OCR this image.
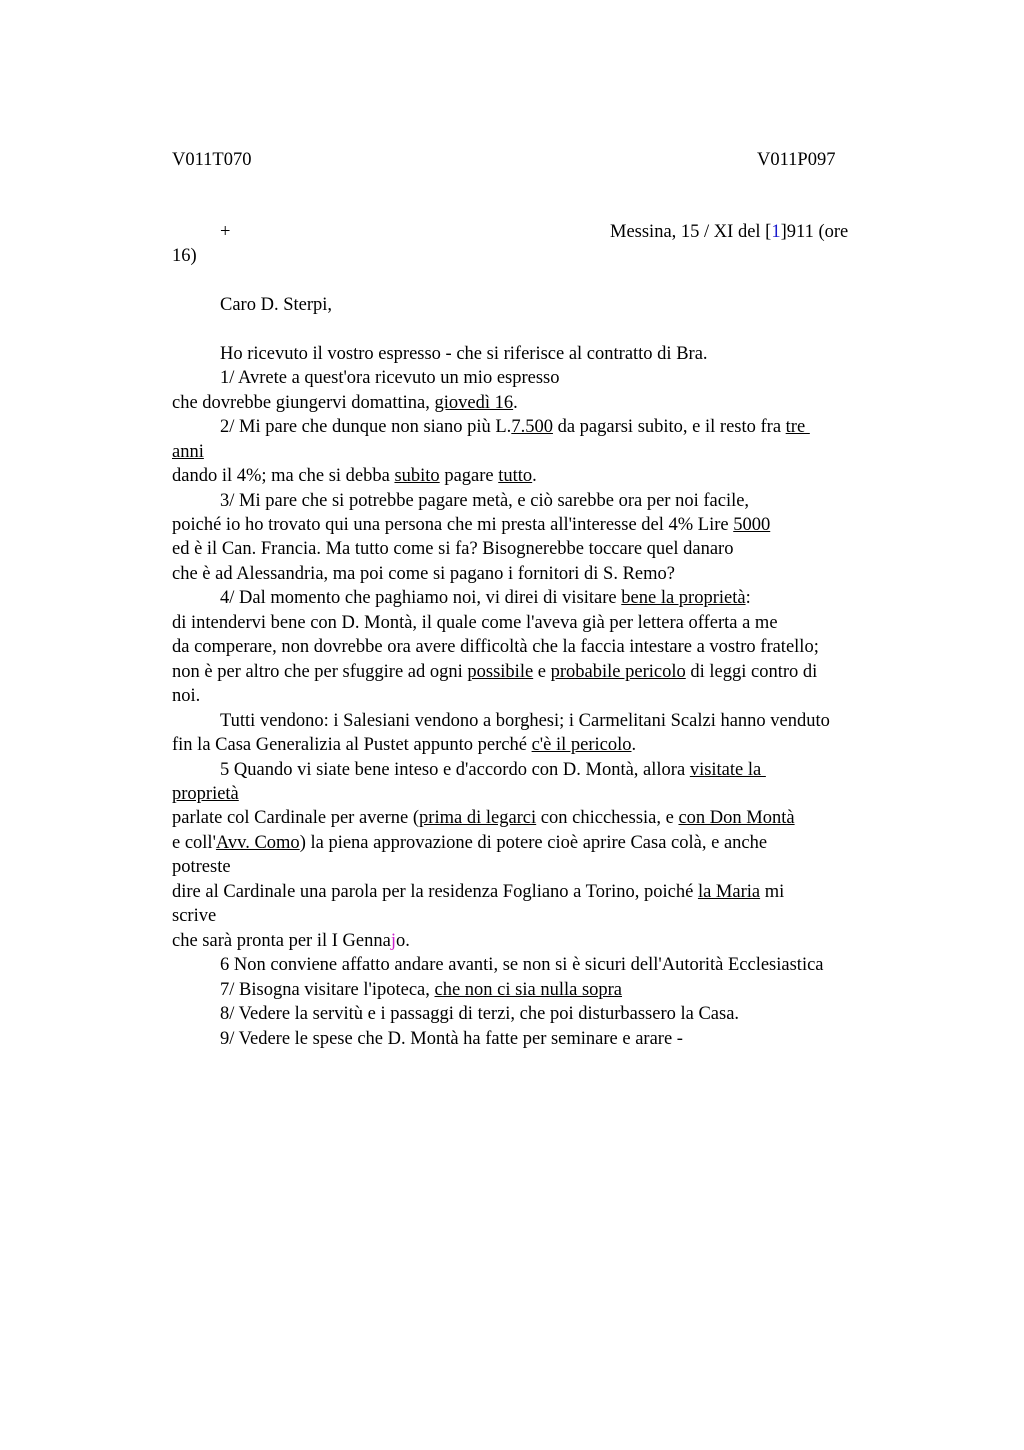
V011T070	V011P097
+	Messina, 15 / XI del [1]911 (ore
16)
Caro D. Sterpi,
Ho ricevuto il vostro espresso - che si riferisce al contratto di Bra.
1/ Avrete a quest'ora ricevuto un mio espresso
che dovrebbe giungervi domattina, giovedì 16.
2/ Mi pare che dunque non siano più L.7.500 da pagarsi subito, e il resto fra tre
anni
dando il 4%; ma che si debba subito pagare tutto.
3/ Mi pare che si potrebbe pagare metà, e ciò sarebbe ora per noi facile,
poiché io ho trovato qui una persona che mi presta all'interesse del 4% Lire 5000
ed è il Can. Francia. Ma tutto come si fa? Bisognerebbe toccare quel danaro
che è ad Alessandria, ma poi come si pagano i fornitori di S. Remo?
4/ Dal momento che paghiamo noi, vi direi di visitare bene la proprietà:
di intendervi bene con D. Montà, il quale come l'aveva già per lettera offerta a me
da comperare, non dovrebbe ora avere difficoltà che la faccia intestare a vostro fratello;
non è per altro che per sfuggire ad ogni possibile e probabile pericolo di leggi contro di
noi.
Tutti vendono: i Salesiani vendono a borghesi; i Carmelitani Scalzi hanno venduto
fin la Casa Generalizia al Pustet appunto perché c'è il pericolo.
5 Quando vi siate bene inteso e d'accordo con D. Montà, allora visitate la
proprietà
parlate col Cardinale per averne (prima di legarci con chicchessia, e con Don Montà
e coll'Avv. Como) la piena approvazione di potere cioè aprire Casa colà, e anche
potreste
dire al Cardinale una parola per la residenza Fogliano a Torino, poiché la Maria mi
scrive
che sarà pronta per il I Gennajo.
6 Non conviene affatto andare avanti, se non si è sicuri dell'Autorità Ecclesiastica
7/ Bisogna visitare l'ipoteca, che non ci sia nulla sopra
8/ Vedere la servitù e i passaggi di terzi, che poi disturbassero la Casa.
9/ Vedere le spese che D. Montà ha fatte per seminare e arare -
